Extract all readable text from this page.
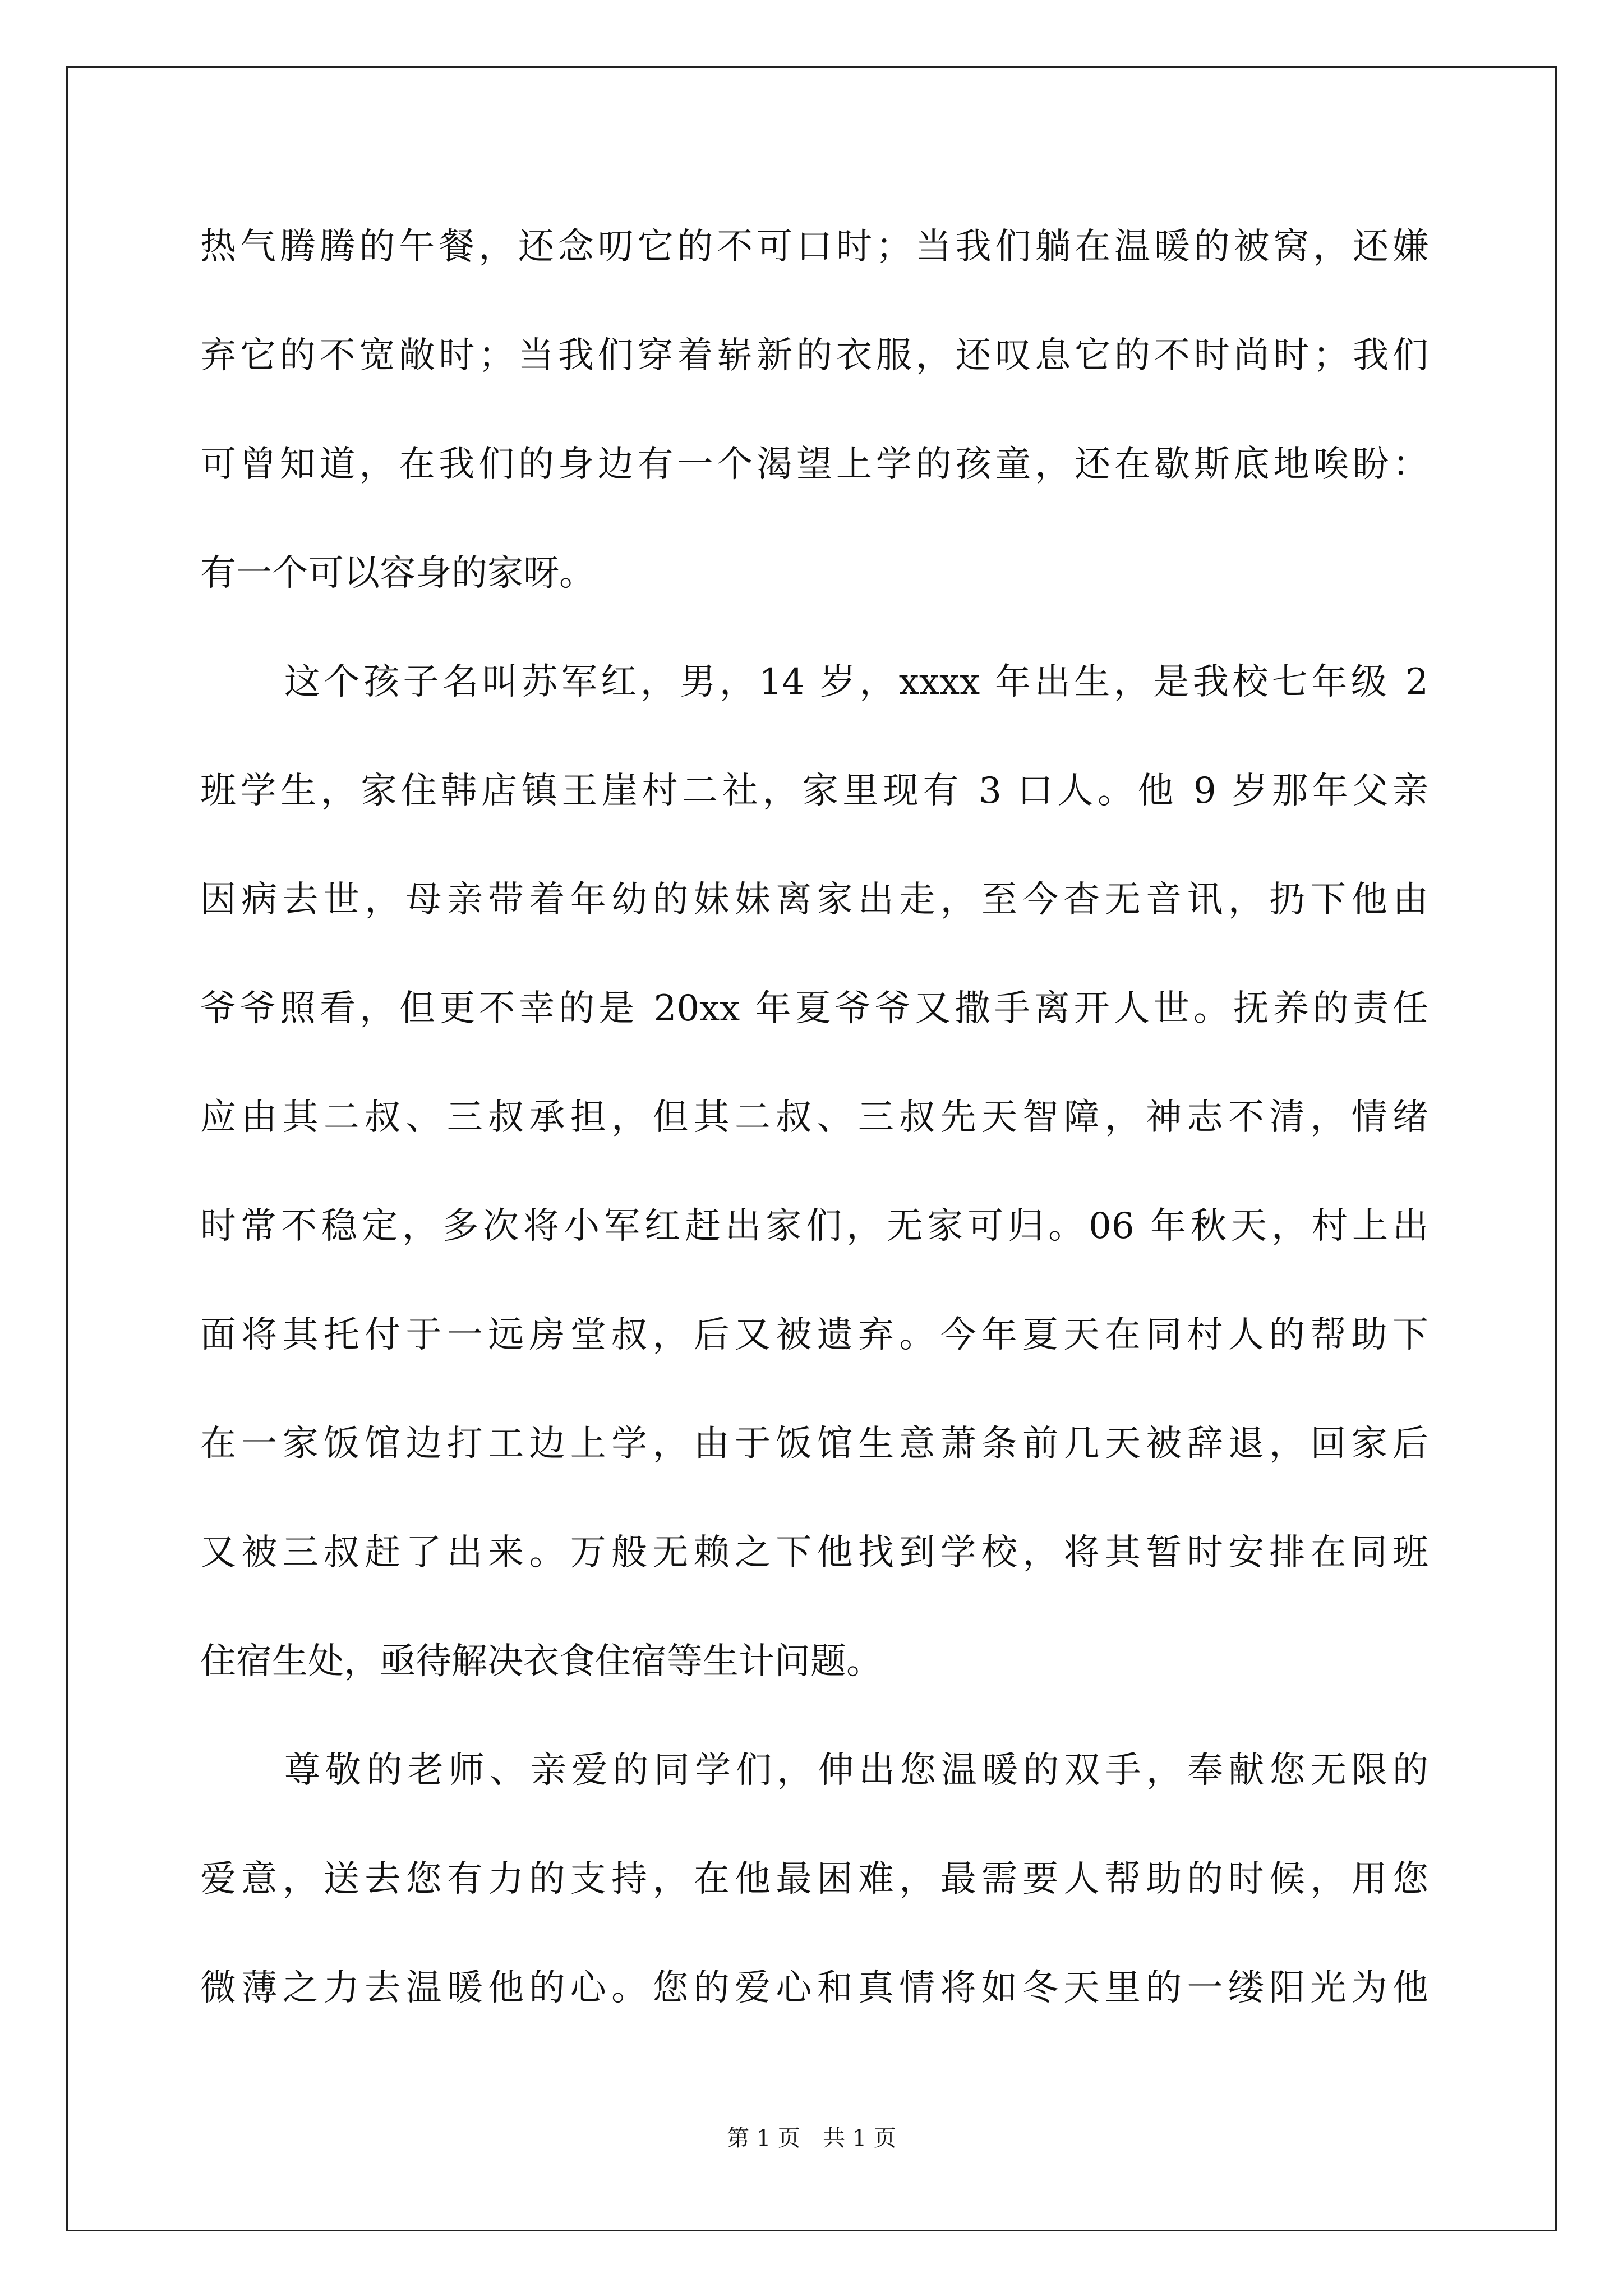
热气腾腾的午餐，还念叨它的不可口时；当我们躺在温暖的被窝，还嫌
弃它的不宽敞时；当我们穿着崭新的衣服，还叹息它的不时尚时；我们
可曾知道，在我们的身边有一个渴望上学的孩童，还在歇斯底地唉盼：
有一个可以容身的家呀。
这个孩子名叫苏军红，男，14 岁，xxxx 年出生，是我校七年级 2
班学生，家住韩店镇王崖村二社，家里现有 3 口人。他 9 岁那年父亲
因病去世，母亲带着年幼的妹妹离家出走，至今杳无音讯，扔下他由
爷爷照看，但更不幸的是 20xx 年夏爷爷又撒手离开人世。抚养的责任
应由其二叔、三叔承担，但其二叔、三叔先天智障，神志不清，情绪
时常不稳定，多次将小军红赶出家们，无家可归。06 年秋天，村上出
面将其托付于一远房堂叔，后又被遗弃。今年夏天在同村人的帮助下
在一家饭馆边打工边上学，由于饭馆生意萧条前几天被辞退，回家后
又被三叔赶了出来。万般无赖之下他找到学校，将其暂时安排在同班
住宿生处，亟待解决衣食住宿等生计问题。
尊敬的老师、亲爱的同学们，伸出您温暖的双手，奉献您无限的
爱意，送去您有力的支持，在他最困难，最需要人帮助的时候，用您
微薄之力去温暖他的心。您的爱心和真情将如冬天里的一缕阳光为他
第 1 页　共 1 页
